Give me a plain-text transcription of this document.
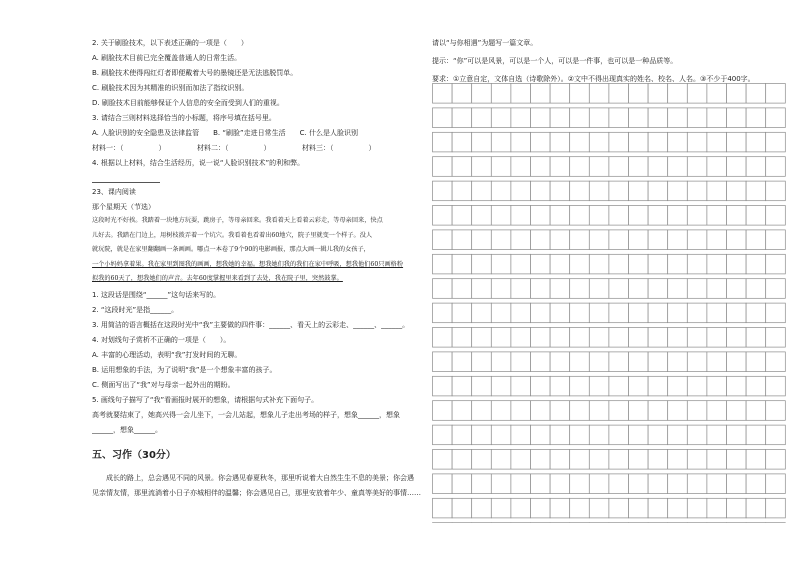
2. 关于刷脸技术，以下表述正确的一项是（　　）

A. 刷脸技术目前已完全覆盖普通人的日常生活。

B. 刷脸技术使得闯红灯者即便戴着大号的墨镜还是无法逃脱罚单。

C. 刷脸技术因为其精准的识别而加法了指纹识别。

D. 刷脸技术目前能够保证个人信息的安全而受到人们的重视。

3. 请结合三则材料选择恰当的小标题，将序号填在括号里。

A. 人脸识别的安全隐患及法律监管　　B. “刷脸”走进日常生活　　C. 什么是人脸识别

材料一：（　　　　　）　　　　　材料二：（　　　　　）　　　　　材料三：（　　　　　）

4. 根据以上材料，结合生活经历，说一说“人脸识别技术”的利和弊。

23、课内阅读

那个星期天（节选）

这段时光不好挨。我踏着一块地方玩耍，跳房子，等母亲回来。我看着天上看着云彩走，等母亲回来，快点

儿好去。我踏在门边上，用树枝拨弄着一个坑穴。我看着也看着出60地穴，院子里就变一个样子。没人

就玩院，就是在家里翻翻画一条画画。哪点一本卷了9个90的电影画报，那点大画一辑儿我的女孩子，

一个小妈妈拿着果。我在家里到图我的画画，想我她的幸福。想我她们我的我们在家中呼吸，想我他们60只画格粉

拟我的60天了，想我她们的声音。去年60度掌握里来看到了去处，我在院子里，突然鼓掌。

1. 这段话是围绕“______”这句话来写的。

2. “这段时光”是指______。

3. 用简洁的语言概括在这段时光中“我”主要做的四件事：______、看天上的云彩走、______、______。

4. 对划线句子赏析不正确的一项是（　　）。

A. 丰富的心理活动，表明“我”打发时间的无聊。

B. 运用想象的手法，为了说明“我”是一个想象丰富的孩子。

C. 侧面写出了“我”对与母亲一起外出的期盼。

5. 画线句子描写了“我”看画报时展开的想象，请根据句式补充下面句子。

高考就要结束了，她高兴得一会儿坐下，一会儿站起，想象儿子走出考场的样子，想象______，想象

______，想象______。

五、习作（30分）

　　成长的路上，总会遇见不同的风景。你会遇见春夏秋冬，那里听说着大自然生生不息的美景；你会遇

见亲情友情，那里流淌着小日子亦城相伴的温馨；你会遇见自己，那里安放着年少、童真等美好的事情……

请以“与你相遇”为题写一篇文章。

提示：“你”可以是风景，可以是一个人，可以是一件事，也可以是一种品质等。

要求：①立意自定，文体自选（诗歌除外）。②文中不得出现真实的姓名、校名、人名。③不少于400字。
